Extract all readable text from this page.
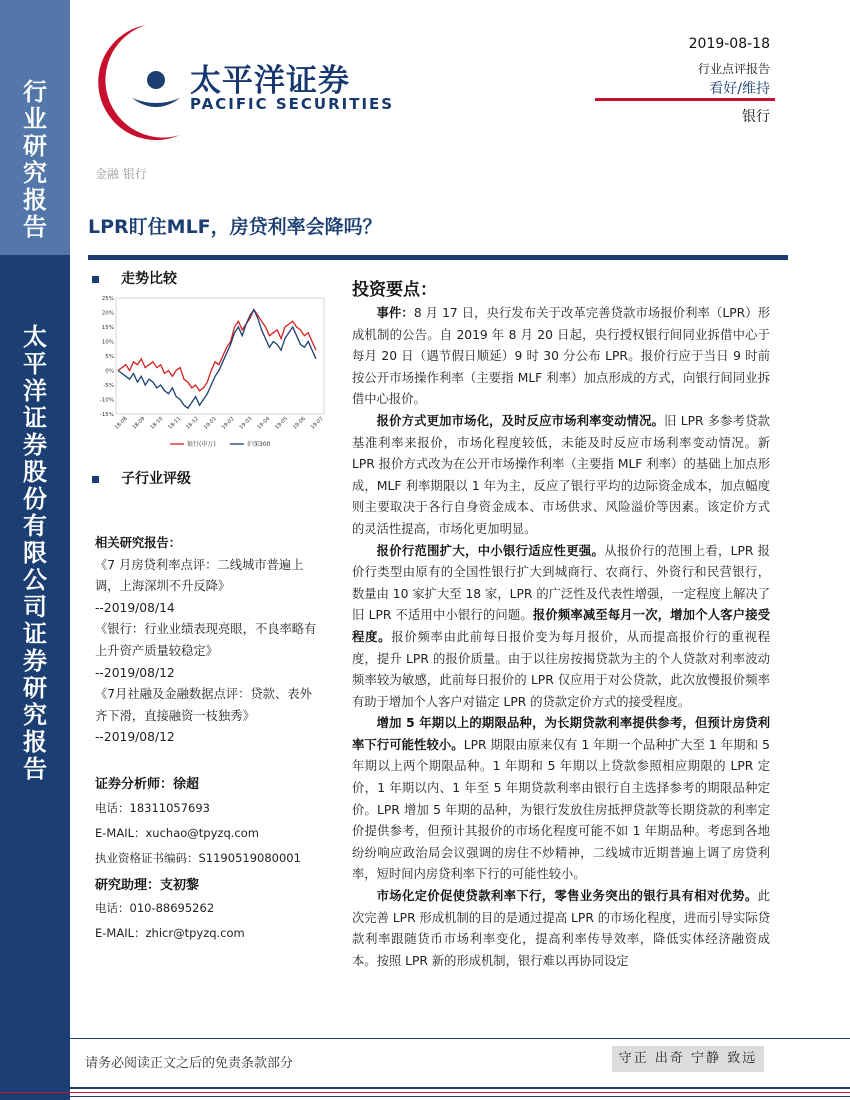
行
业
研
究
报
告
太
平
洋
证
券
股
份
有
限
公
司
证
券
研
究
报
告
太平洋证券
PACIFIC SECURITIES
2019-08-18
行业点评报告
看好/维持
银行
金融 银行
LPR盯住MLF，房贷利率会降吗？
走势比较
25%
20%
15%
10%
5%
0%
-5%
-10%
-15%
18-08 18-09 18-10 18-11 18-12 19-01 19-02 19-03 19-04 19-05 19-06 19-07
银行(申万)	沪深300
子行业评级
相关研究报告：
《7 月房贷利率点评：二线城市普遍上调，上海深圳不升反降》
--2019/08/14
《银行：行业业绩表现亮眼，不良率略有上升资产质量较稳定》
--2019/08/12
《7月社融及金融数据点评：贷款、表外齐下滑，直接融资一枝独秀》
--2019/08/12
证券分析师：徐超
电话：18311057693
E-MAIL：xuchao@tpyzq.com
执业资格证书编码：S1190519080001
研究助理：支初黎
电话：010-88695262
E-MAIL：zhicr@tpyzq.com
投资要点：

事件：8 月 17 日，央行发布关于改革完善贷款市场报价利率（LPR）形成机制的公告。自 2019 年 8 月 20 日起，央行授权银行间同业拆借中心于每月 20 日（遇节假日顺延）9 时 30 分公布 LPR。报价行应于当日 9 时前按公开市场操作利率（主要指 MLF 利率）加点形成的方式，向银行间同业拆借中心报价。

报价方式更加市场化，及时反应市场利率变动情况。旧 LPR 多参考贷款基准利率来报价，市场化程度较低，未能及时反应市场利率变动情况。新 LPR 报价方式改为在公开市场操作利率（主要指 MLF 利率）的基础上加点形成，MLF 利率期限以 1 年为主，反应了银行平均的边际资金成本，加点幅度则主要取决于各行自身资金成本、市场供求、风险溢价等因素。该定价方式的灵活性提高，市场化更加明显。

报价行范围扩大，中小银行适应性更强。从报价行的范围上看，LPR 报价行类型由原有的全国性银行扩大到城商行、农商行、外资行和民营银行，数量由 10 家扩大至 18 家，LPR 的广泛性及代表性增强，一定程度上解决了旧 LPR 不适用中小银行的问题。报价频率减至每月一次，增加个人客户接受程度。报价频率由此前每日报价变为每月报价，从而提高报价行的重视程度，提升 LPR 的报价质量。由于以往房按揭贷款为主的个人贷款对利率波动频率较为敏感，此前每日报价的 LPR 仅应用于对公贷款，此次放慢报价频率有助于增加个人客户对锚定 LPR 的贷款定价方式的接受程度。

增加 5 年期以上的期限品种，为长期贷款利率提供参考，但预计房贷利率下行可能性较小。LPR 期限由原来仅有 1 年期一个品种扩大至 1 年期和 5 年期以上两个期限品种。1 年期和 5 年期以上贷款参照相应期限的 LPR 定价，1 年期以内、1 年至 5 年期贷款利率由银行自主选择参考的期限品种定价。LPR 增加 5 年期的品种，为银行发放住房抵押贷款等长期贷款的利率定价提供参考，但预计其报价的市场化程度可能不如 1 年期品种。考虑到各地纷纷响应政治局会议强调的房住不炒精神，二线城市近期普遍上调了房贷利率，短时间内房贷利率下行的可能性较小。

市场化定价促使贷款利率下行，零售业务突出的银行具有相对优势。此次完善 LPR 形成机制的目的是通过提高 LPR 的市场化程度，进而引导实际贷款利率跟随货币市场利率变化，提高利率传导效率，降低实体经济融资成本。按照 LPR 新的形成机制，银行难以再协同设定

请务必阅读正文之后的免责条款部分	守正 出奇 宁静 致远
